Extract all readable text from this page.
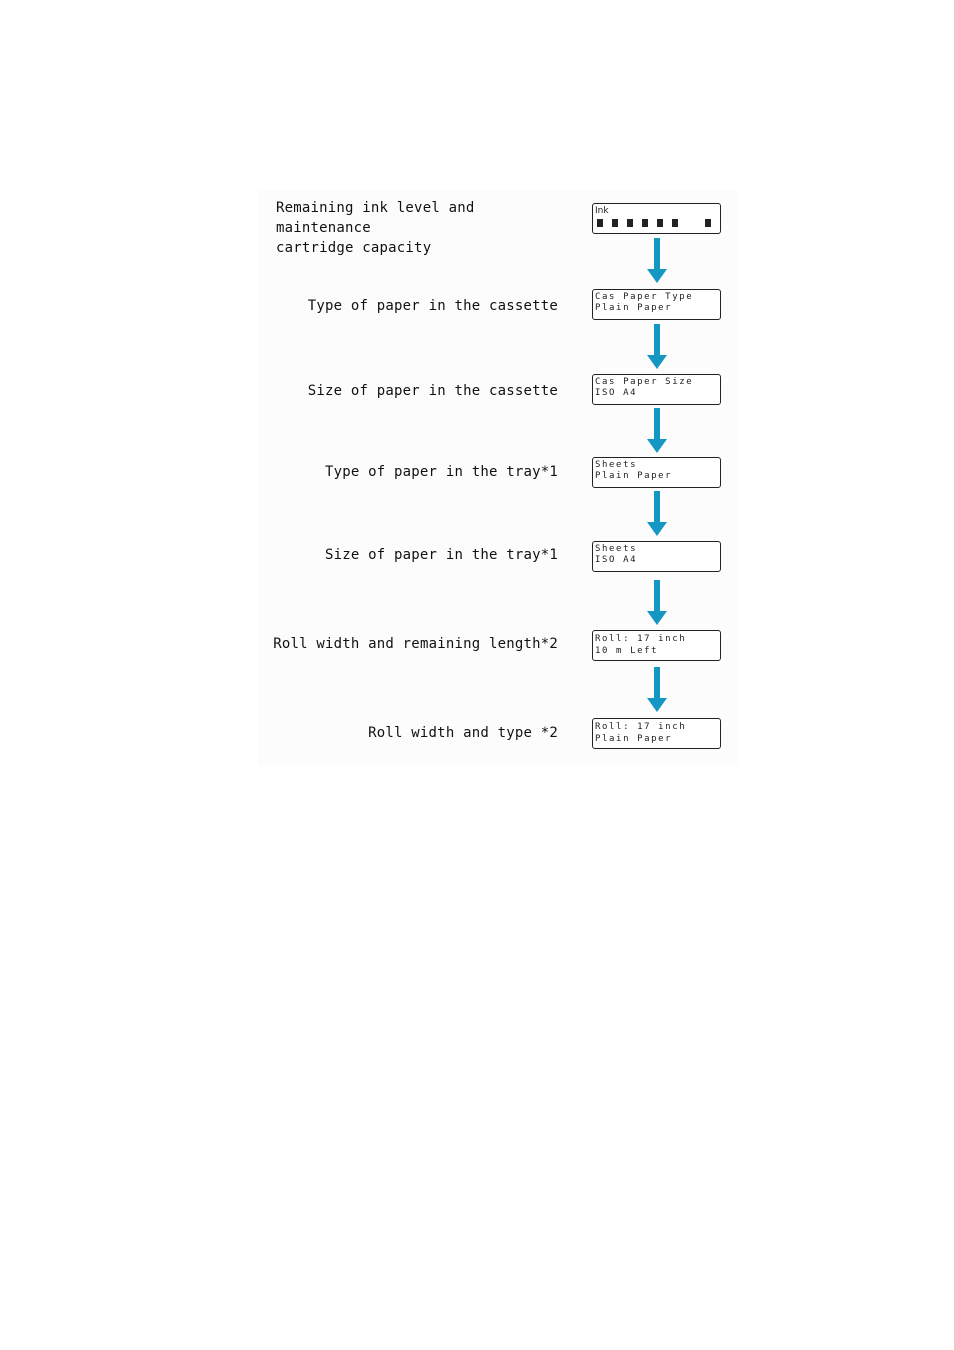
Remaining ink level and maintenance
cartridge capacity
Ink
Type of paper in the cassette
Cas Paper Type
Plain Paper
Size of paper in the cassette
Cas Paper Size
ISO A4
Type of paper in the tray*1	Sheets
Plain Paper
Size of paper in the tray*1	Sheets
ISO A4
Roll width and remaining length*2	Roll: 17 inch
10 m Left
Roll width and type *2	Roll: 17 inch
Plain Paper
